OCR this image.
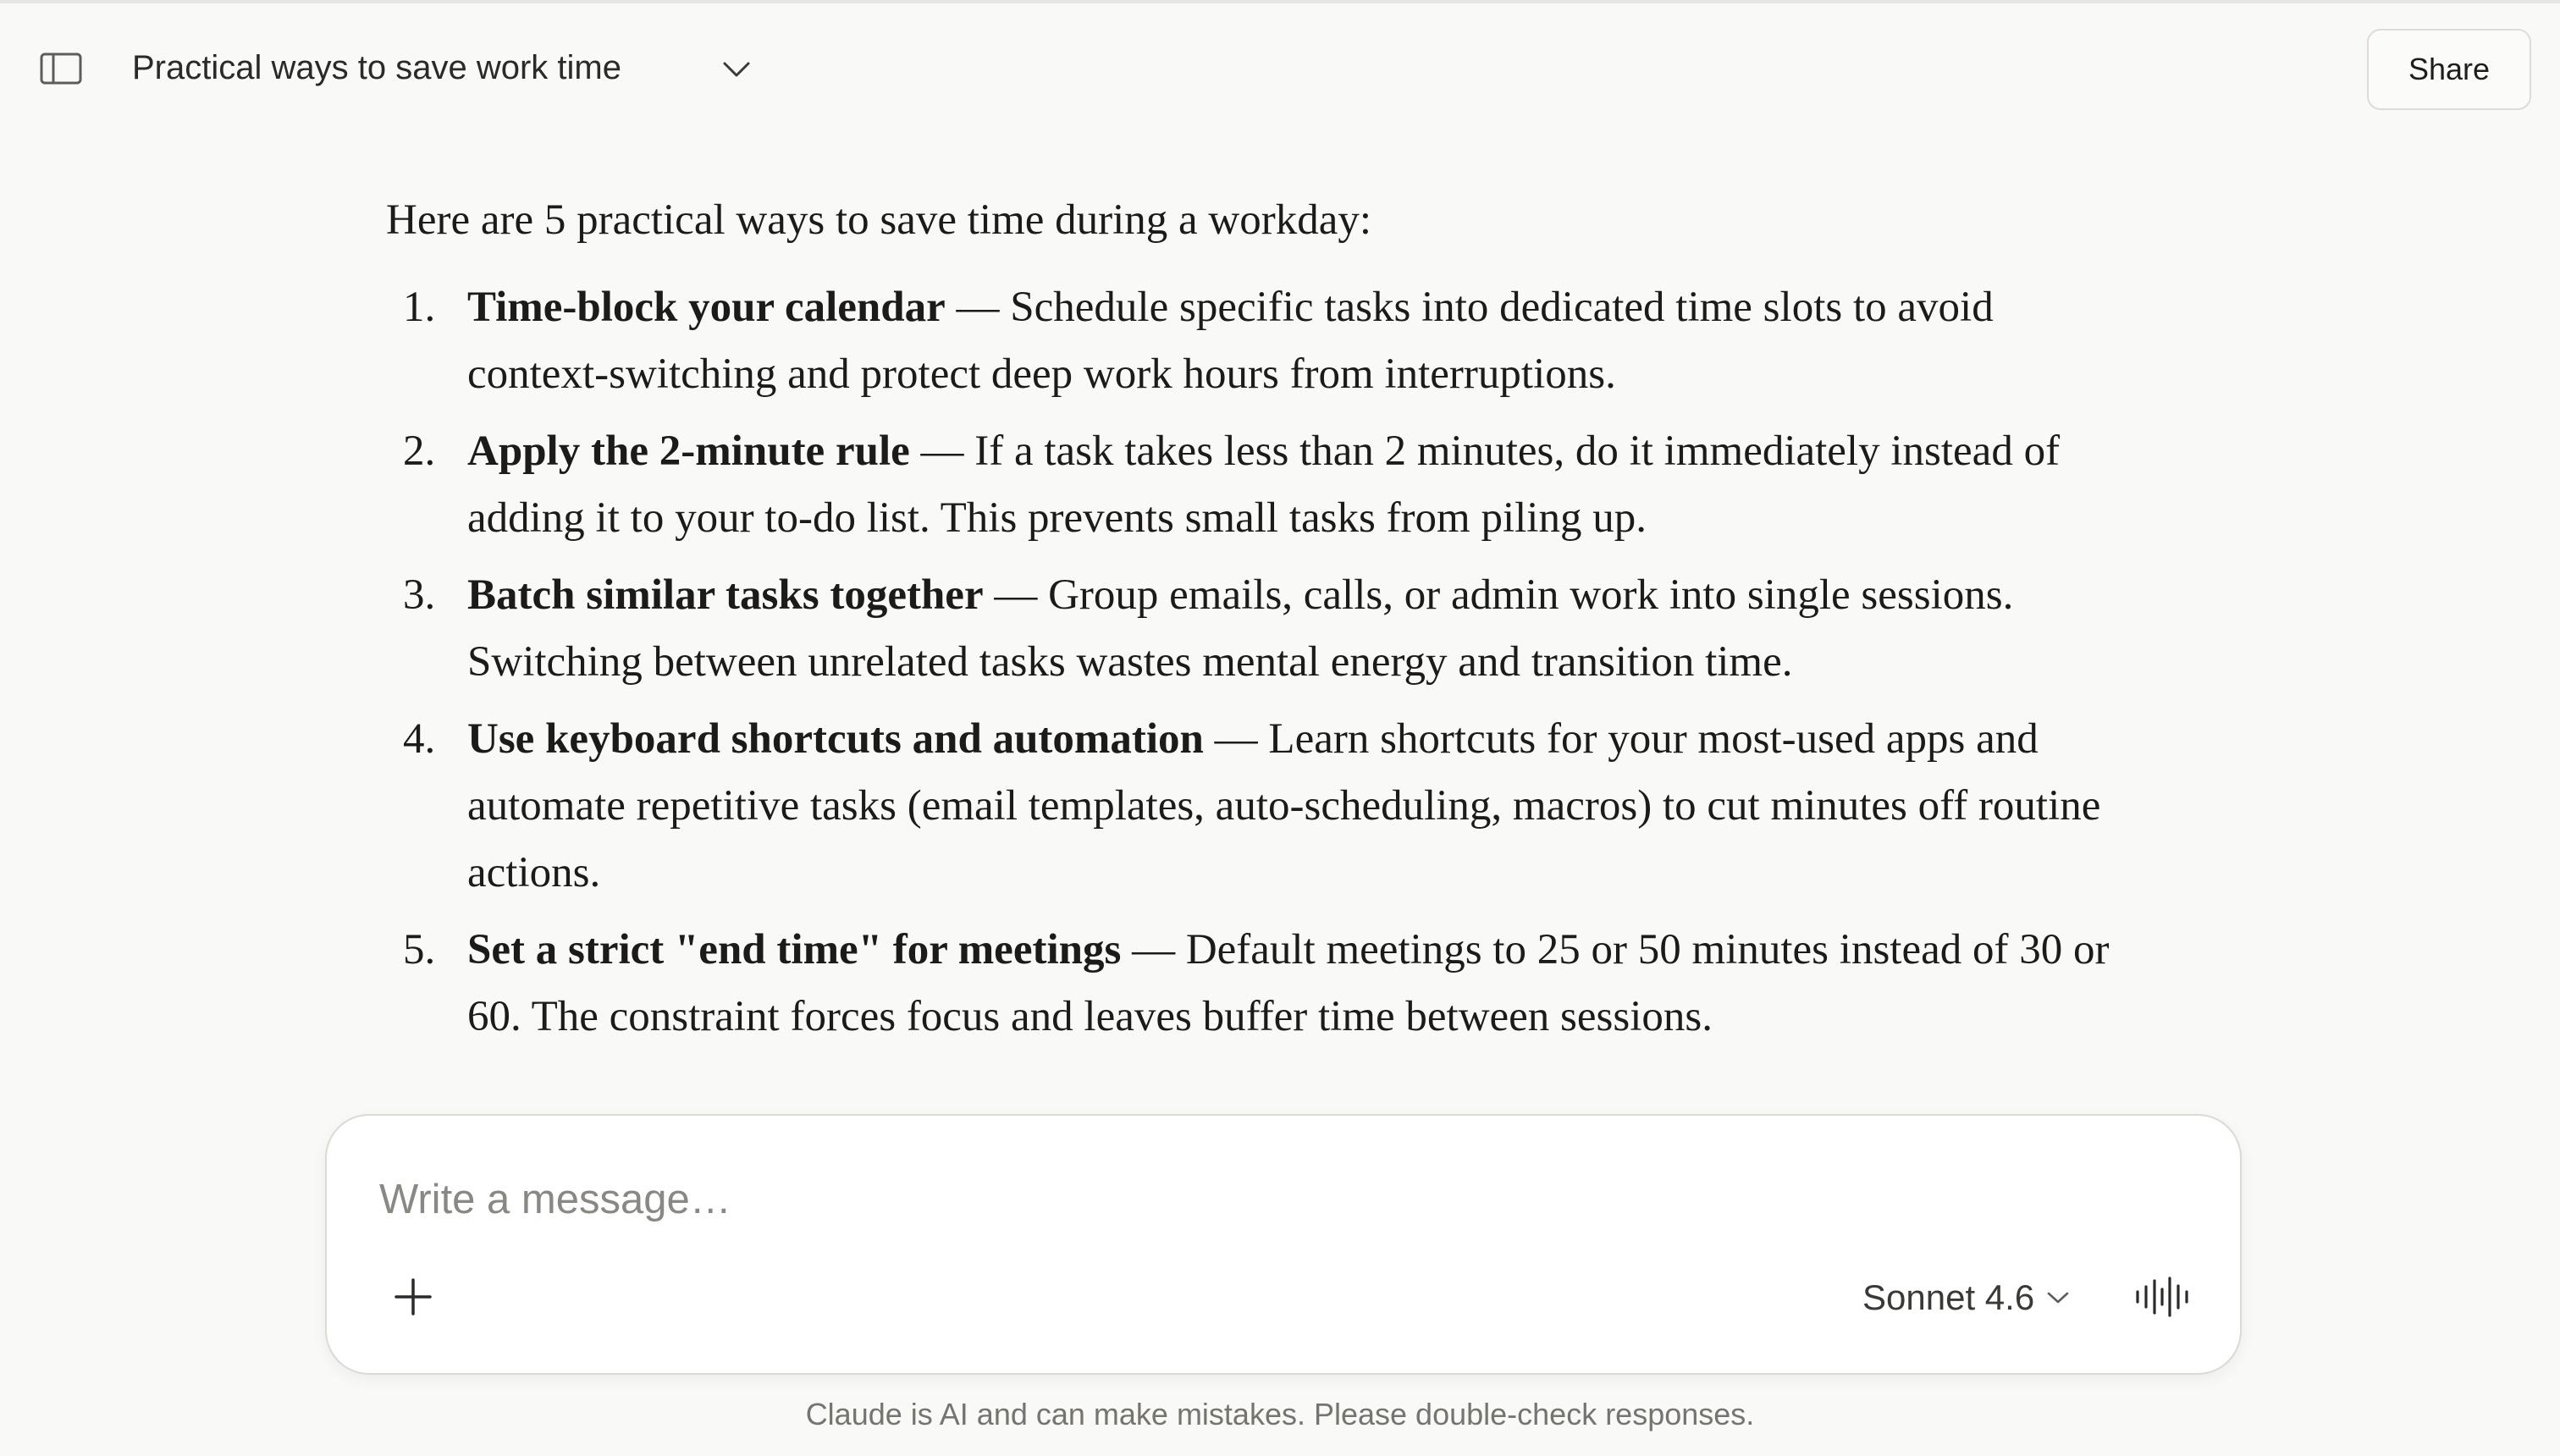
Practical ways to save work time	Share

Here are 5 practical ways to save time during a workday:

1. Time-block your calendar — Schedule specific tasks into dedicated time slots to avoid context-switching and protect deep work hours from interruptions.
2. Apply the 2-minute rule — If a task takes less than 2 minutes, do it immediately instead of adding it to your to-do list. This prevents small tasks from piling up.
3. Batch similar tasks together — Group emails, calls, or admin work into single sessions. Switching between unrelated tasks wastes mental energy and transition time.
4. Use keyboard shortcuts and automation — Learn shortcuts for your most-used apps and automate repetitive tasks (email templates, auto-scheduling, macros) to cut minutes off routine actions.
5. Set a strict "end time" for meetings — Default meetings to 25 or 50 minutes instead of 30 or 60. The constraint forces focus and leaves buffer time between sessions.
Write a message…
Sonnet 4.6
Claude is AI and can make mistakes. Please double-check responses.
